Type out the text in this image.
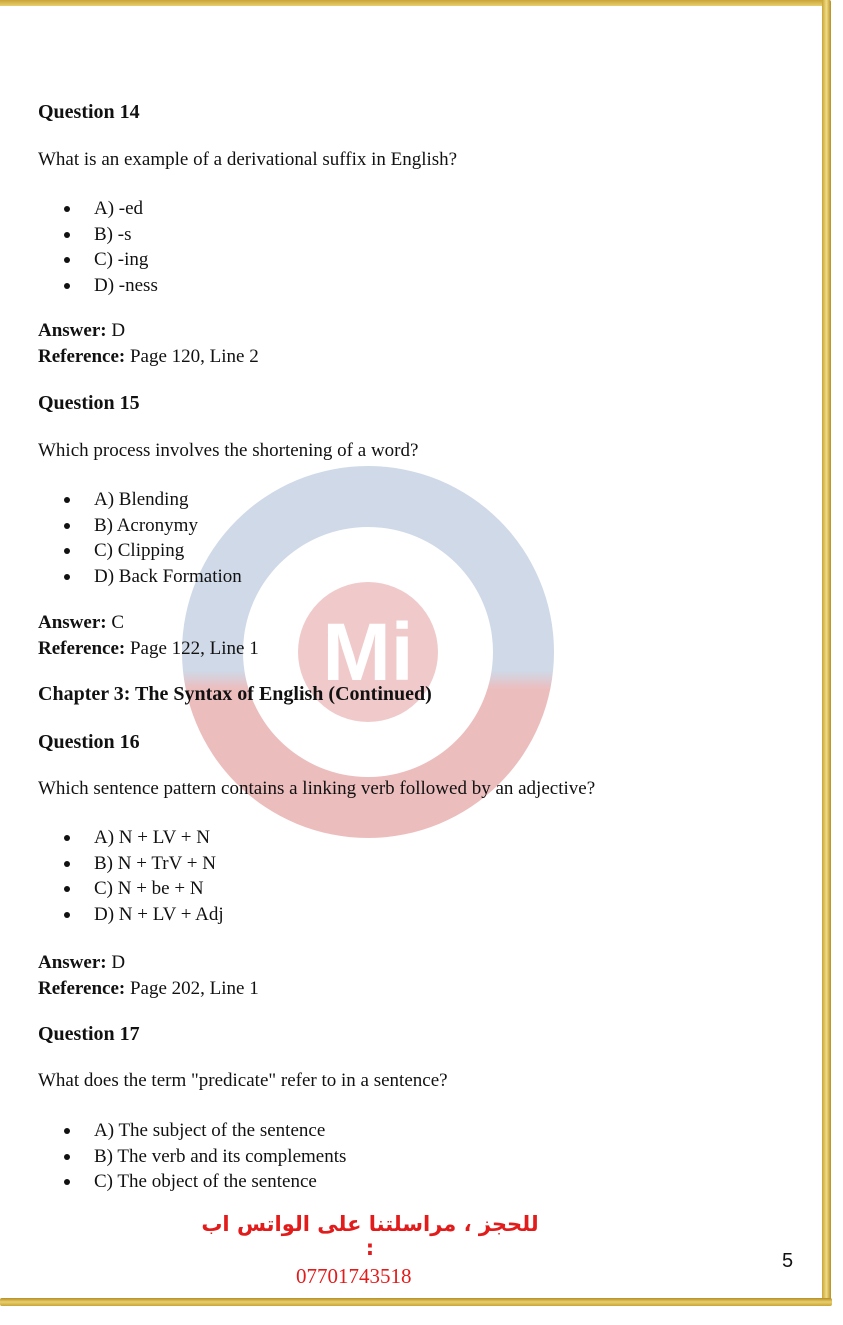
Mi
Question 14
What is an example of a derivational suffix in English?
A) -ed
B) -s
C) -ing
D) -ness
Answer: D
Reference: Page 120, Line 2
Question 15
Which process involves the shortening of a word?
A) Blending
B) Acronymy
C) Clipping
D) Back Formation
Answer: C
Reference: Page 122, Line 1
Chapter 3: The Syntax of English (Continued)
Question 16
Which sentence pattern contains a linking verb followed by an adjective?
A) N + LV + N
B) N + TrV + N
C) N + be + N
D) N + LV + Adj
Answer: D
Reference: Page 202, Line 1
Question 17
What does the term "predicate" refer to in a sentence?
A) The subject of the sentence
B) The verb and its complements
C) The object of the sentence
للحجز ، مراسلتنا على الواتس اب :
07701743518
5
